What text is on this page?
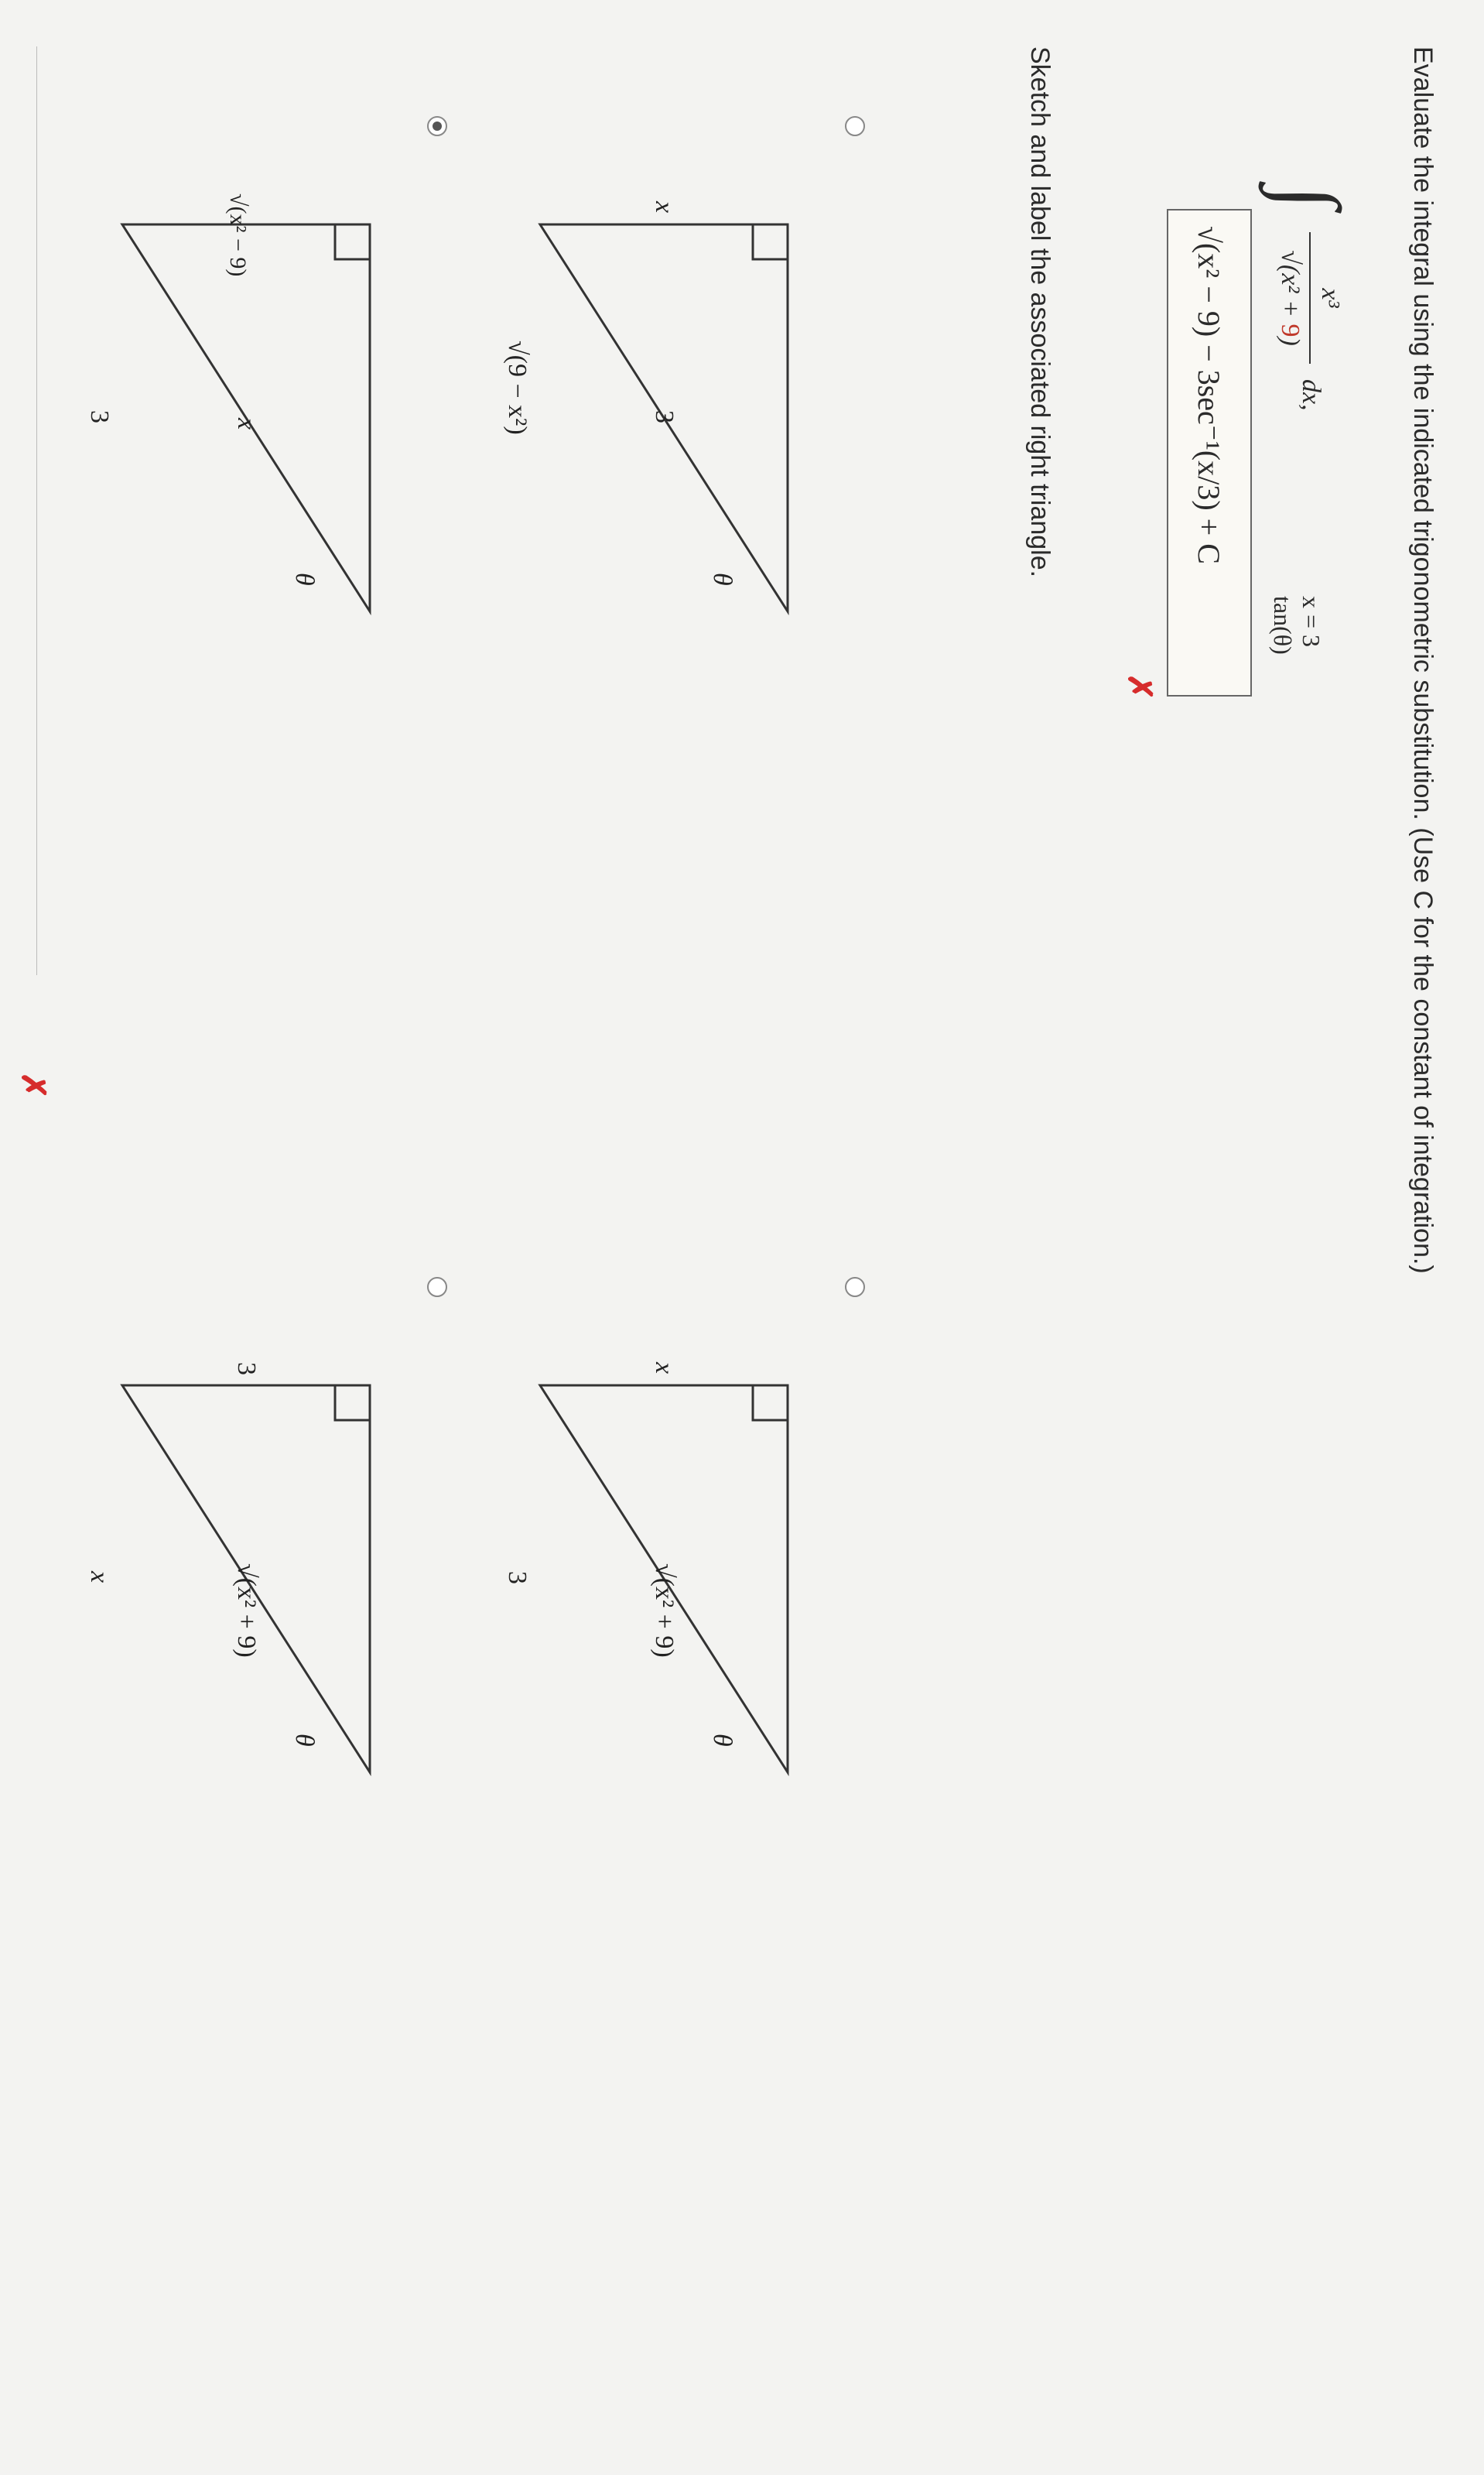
Evaluate the integral using the indicated trigonometric substitution. (Use C for the constant of integration.)
∫
x³
√(x² + 9)
dx,
x = 3 tan(θ)
√(x² − 9) − 3sec⁻¹(x/3) + C
✗
Sketch and label the associated right triangle.
θ
3
x
√(9 − x²)
θ
√(x² + 9)
x
3
θ
x
√(x² − 9)
3
θ
√(x² + 9)
3
x
✗
